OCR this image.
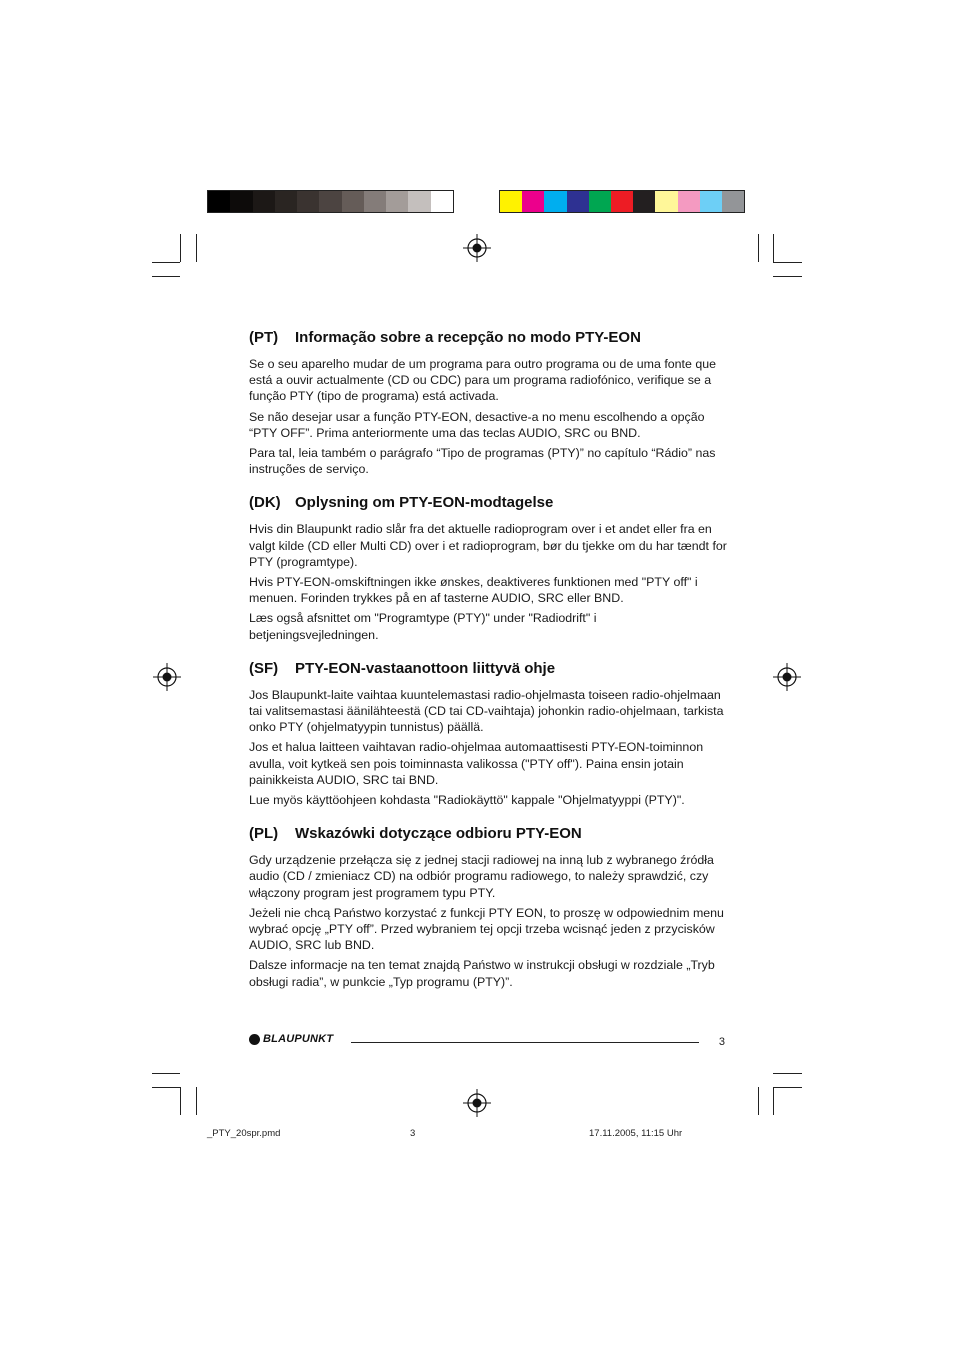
(PT) Informação sobre a recepção no modo PTY-EON

Se o seu aparelho mudar de um programa para outro programa ou de uma fonte que está a ouvir actualmente (CD ou CDC) para um programa radiofónico, verifique se a função PTY (tipo de programa) está activada.

Se não desejar usar a função PTY-EON, desactive-a no menu escolhendo a opção “PTY OFF”. Prima anteriormente uma das teclas AUDIO, SRC ou BND.

Para tal, leia também o parágrafo “Tipo de programas (PTY)” no capítulo “Rádio” nas instruções de serviço.

(DK) Oplysning om PTY-EON-modtagelse

Hvis din Blaupunkt radio slår fra det aktuelle radioprogram over i et andet eller fra en valgt kilde (CD eller Multi CD) over i et radioprogram, bør du tjekke om du har tændt for PTY (programtype).

Hvis PTY-EON-omskiftningen ikke ønskes, deaktiveres funktionen med "PTY off" i menuen. Forinden trykkes på en af tasterne AUDIO, SRC eller BND.

Læs også afsnittet om "Programtype (PTY)" under "Radiodrift" i betjeningsvejledningen.

(SF) PTY-EON-vastaanottoon liittyvä ohje

Jos Blaupunkt-laite vaihtaa kuuntelemastasi radio-ohjelmasta toiseen radio-ohjelmaan tai valitsemastasi äänilähteestä (CD tai CD-vaihtaja) johonkin radio-ohjelmaan, tarkista onko PTY (ohjelmatyypin tunnistus) päällä.

Jos et halua laitteen vaihtavan radio-ohjelmaa automaattisesti PTY-EON-toiminnon avulla, voit kytkeä sen pois toiminnasta valikossa ("PTY off"). Paina ensin jotain painikkeista AUDIO, SRC tai BND.

Lue myös käyttöohjeen kohdasta "Radiokäyttö" kappale "Ohjelmatyyppi (PTY)".

(PL) Wskazówki dotyczące odbioru PTY-EON

Gdy urządzenie przełącza się z jednej stacji radiowej na inną lub z wybranego źródła audio (CD / zmieniacz CD) na odbiór programu radiowego, to należy sprawdzić, czy włączony program jest programem typu PTY.

Jeżeli nie chcą Państwo korzystać z funkcji PTY EON, to proszę w odpowiednim menu wybrać opcję „PTY off”. Przed wybraniem tej opcji trzeba wcisnąć jeden z przycisków AUDIO, SRC lub BND.

Dalsze informacje na ten temat znajdą Państwo w instrukcji obsługi w rozdziale „Tryb obsługi radia”, w punkcie „Typ programu (PTY)”.

BLAUPUNKT	3
_PTY_20spr.pmd	3	17.11.2005, 11:15 Uhr
